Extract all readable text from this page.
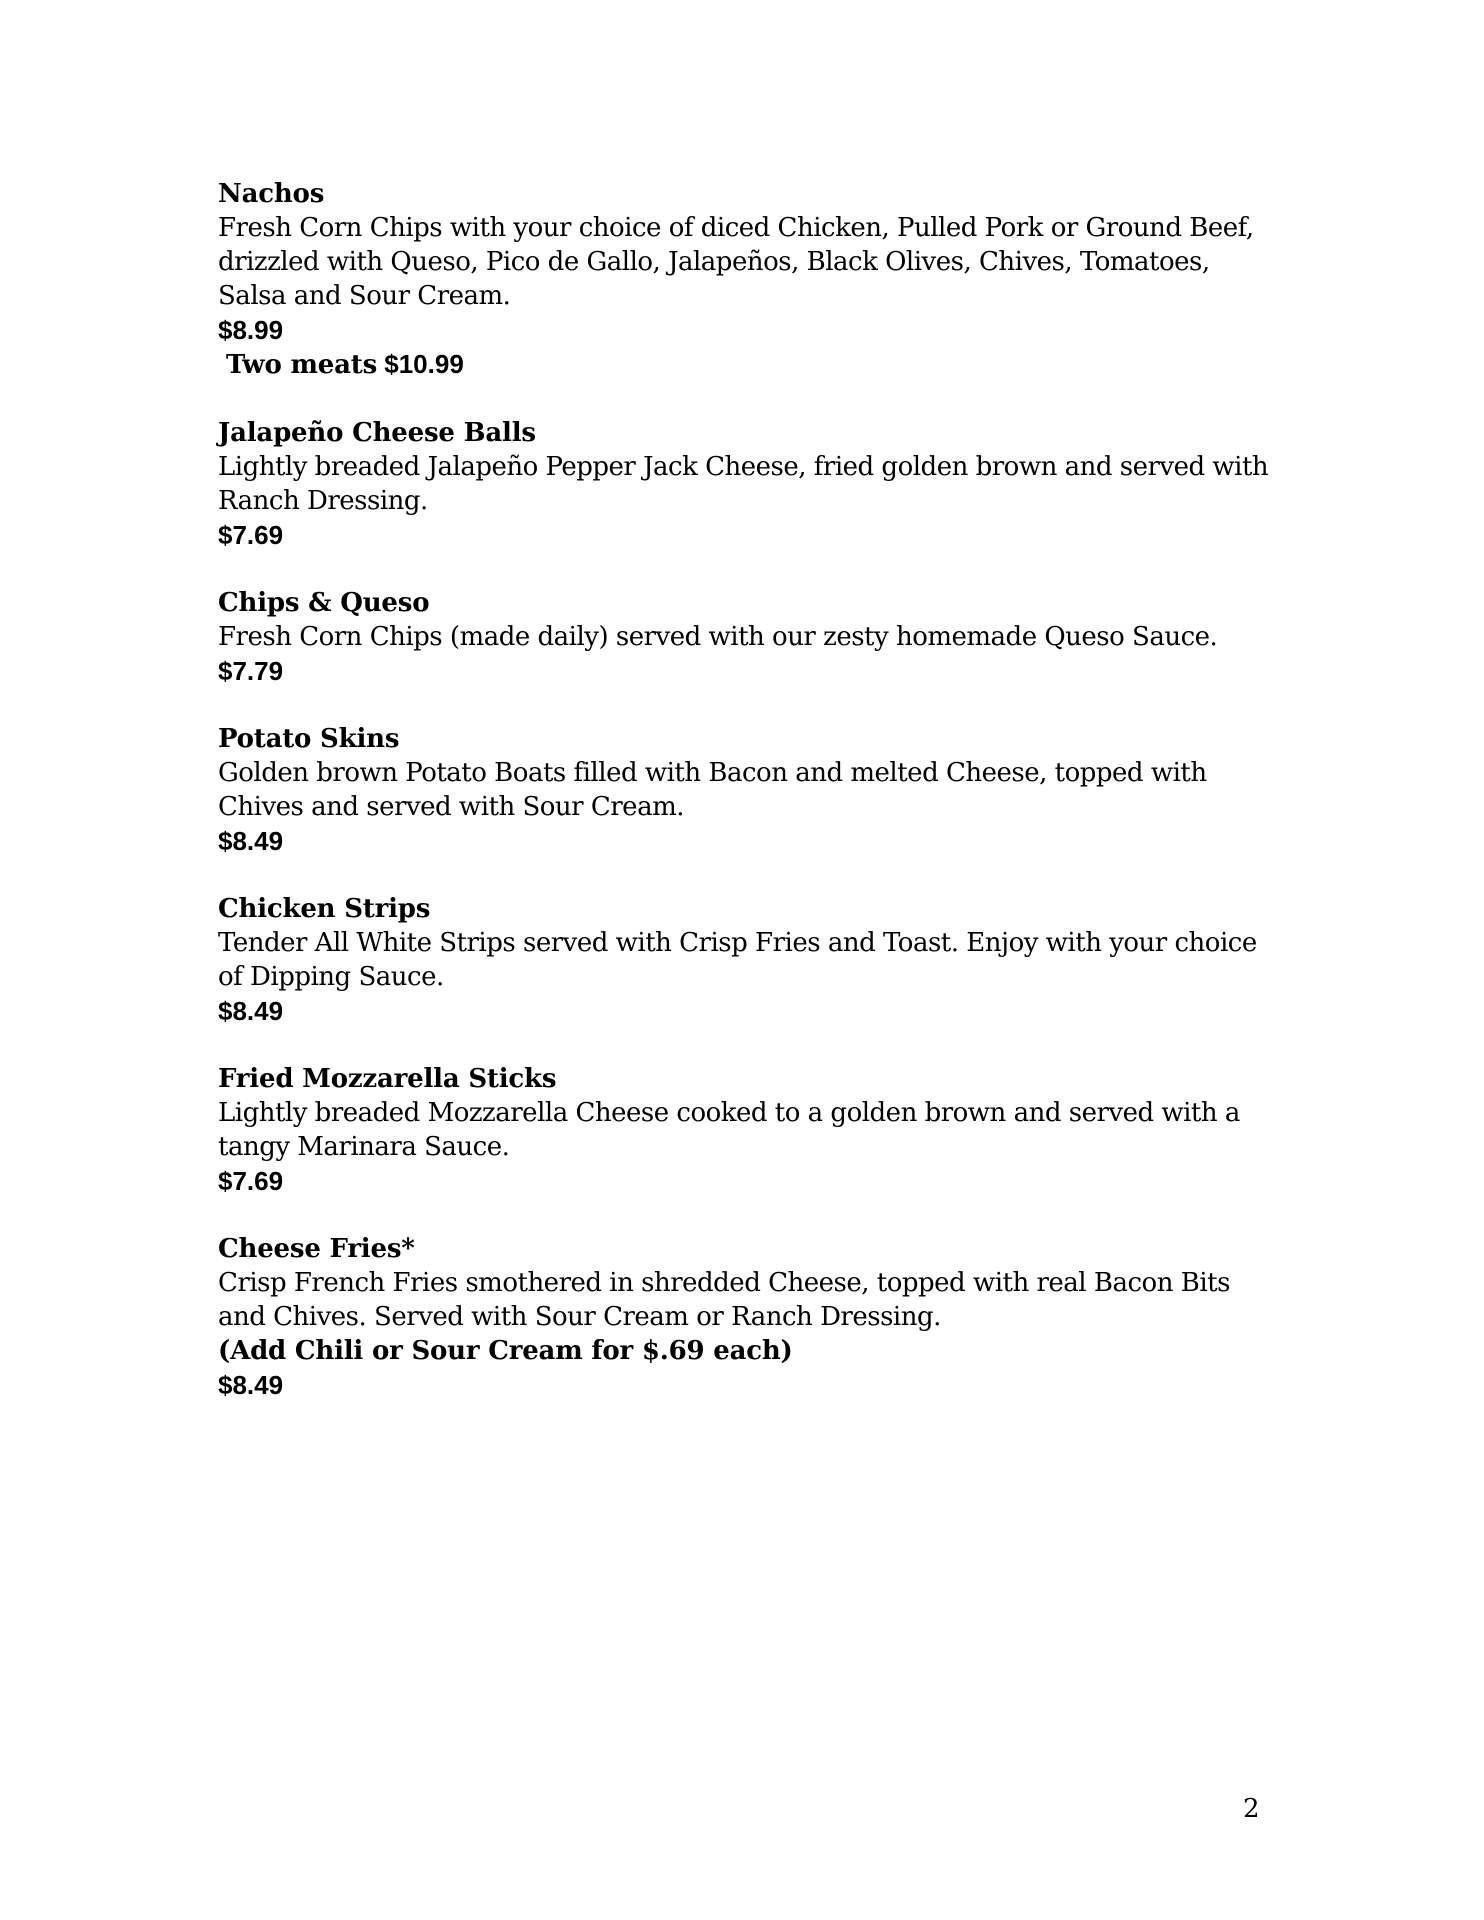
Nachos
Fresh Corn Chips with your choice of diced Chicken, Pulled Pork or Ground Beef, drizzled with Queso, Pico de Gallo, Jalapeños, Black Olives, Chives, Tomatoes, Salsa and Sour Cream.
$8.99
Two meats $10.99
Jalapeño Cheese Balls
Lightly breaded Jalapeño Pepper Jack Cheese, fried golden brown and served with Ranch Dressing.
$7.69
Chips & Queso
Fresh Corn Chips (made daily) served with our zesty homemade Queso Sauce.
$7.79
Potato Skins
Golden brown Potato Boats filled with Bacon and melted Cheese, topped with Chives and served with Sour Cream.
$8.49
Chicken Strips
Tender All White Strips served with Crisp Fries and Toast. Enjoy with your choice of Dipping Sauce.
$8.49
Fried Mozzarella Sticks
Lightly breaded Mozzarella Cheese cooked to a golden brown and served with a tangy Marinara Sauce.
$7.69
Cheese Fries*
Crisp French Fries smothered in shredded Cheese, topped with real Bacon Bits and Chives. Served with Sour Cream or Ranch Dressing.
(Add Chili or Sour Cream for $.69 each)
$8.49
2
